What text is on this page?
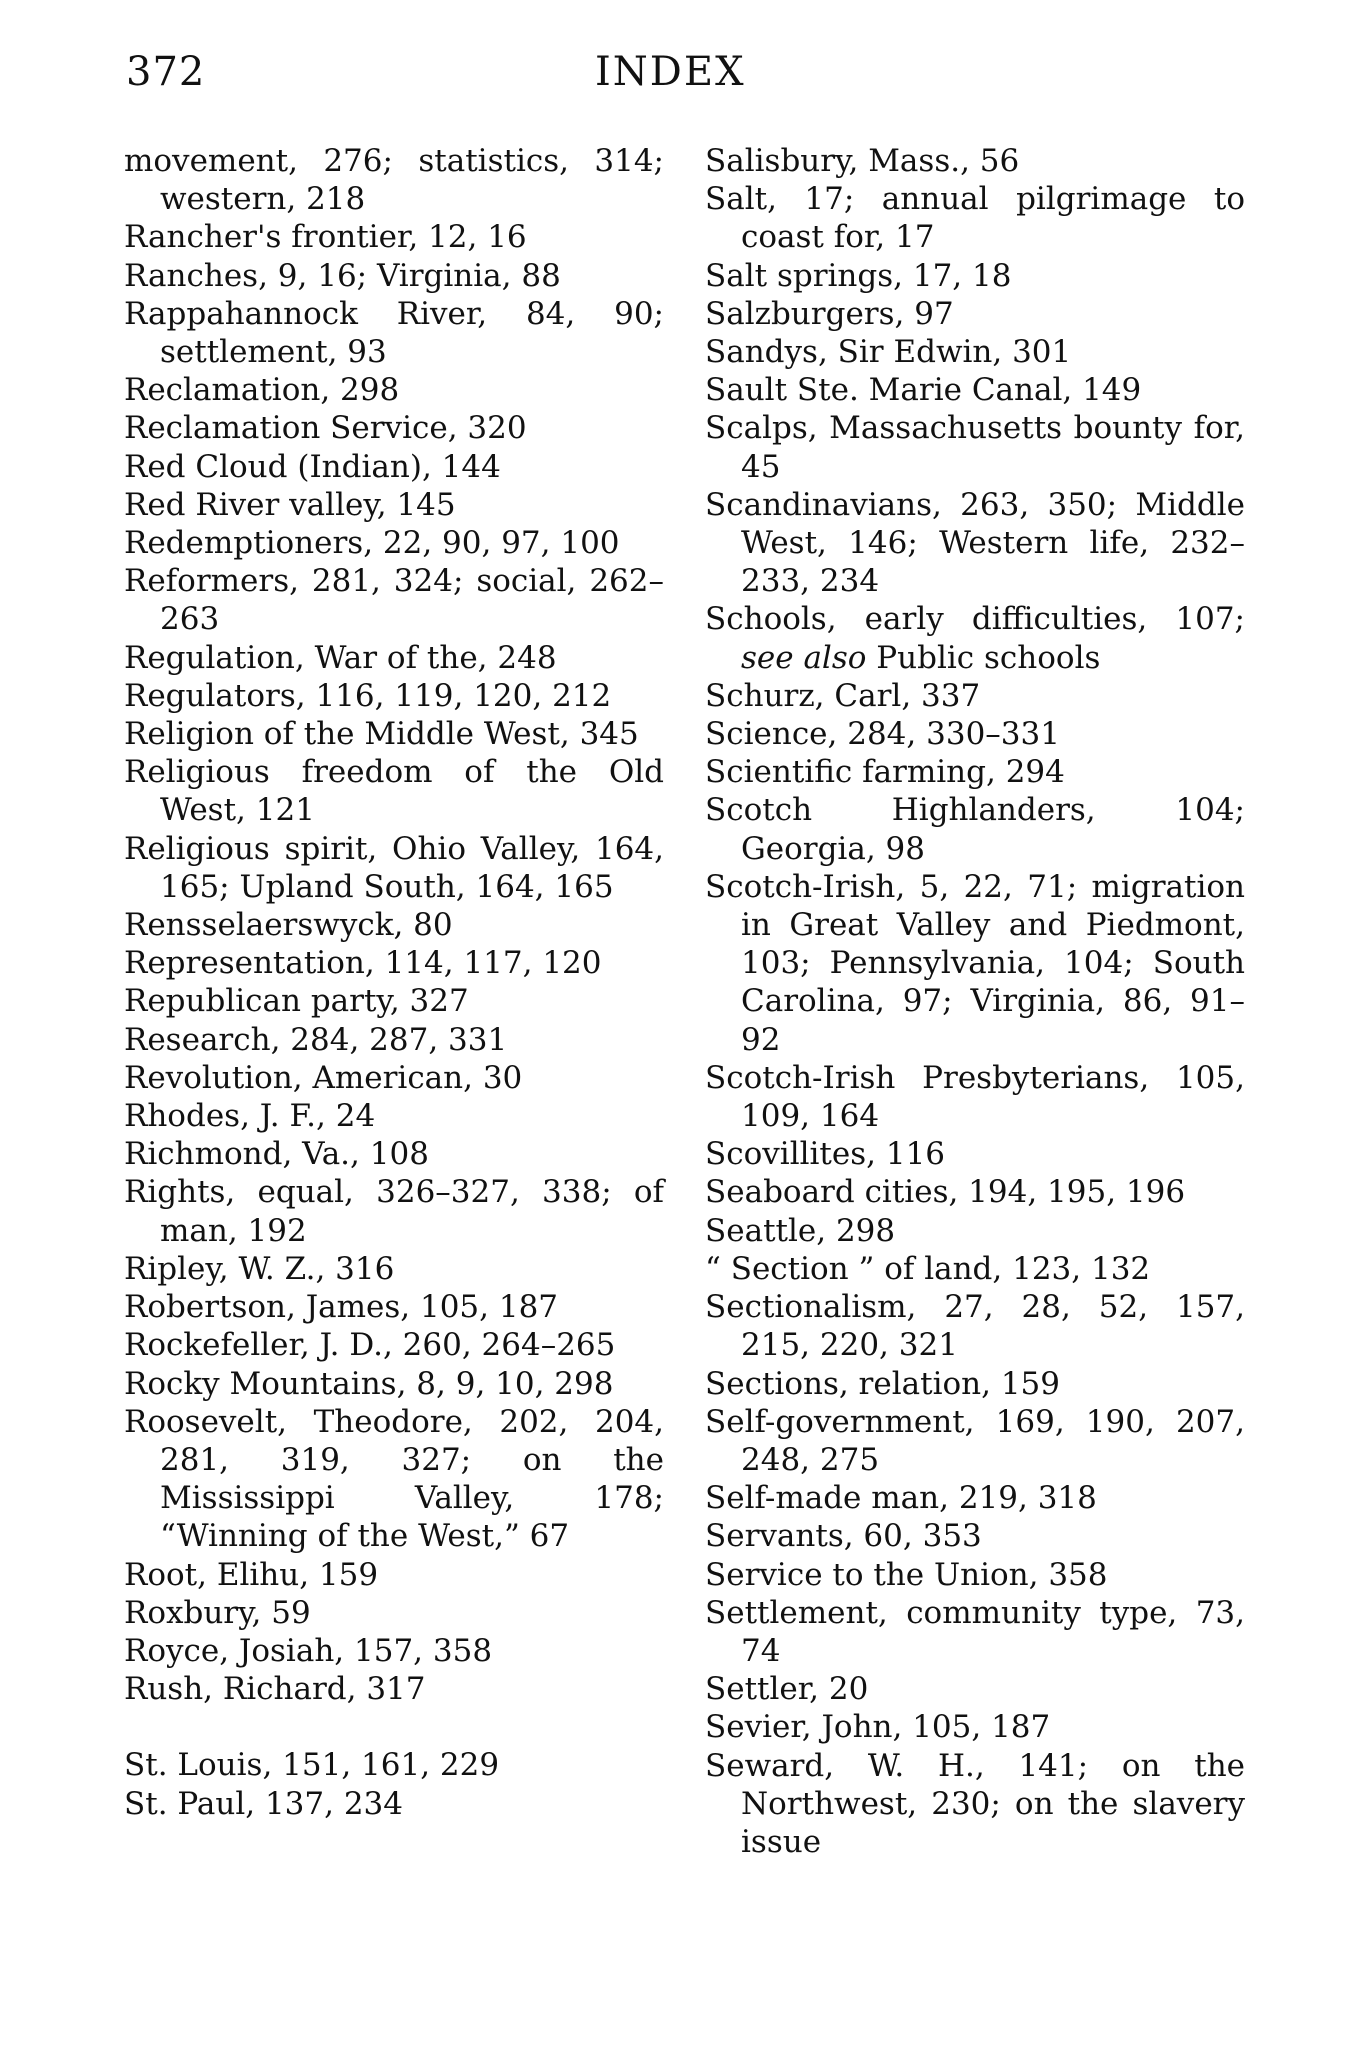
372	INDEX

movement, 276; statistics, 314; western, 218

Rancher's frontier, 12, 16

Ranches, 9, 16; Virginia, 88

Rappahannock River, 84, 90; settlement, 93

Reclamation, 298

Reclamation Service, 320

Red Cloud (Indian), 144

Red River valley, 145

Redemptioners, 22, 90, 97, 100

Reformers, 281, 324; social, 262–263

Regulation, War of the, 248

Regulators, 116, 119, 120, 212

Religion of the Middle West, 345

Religious freedom of the Old West, 121

Religious spirit, Ohio Valley, 164, 165; Upland South, 164, 165

Rensselaerswyck, 80

Representation, 114, 117, 120

Republican party, 327

Research, 284, 287, 331

Revolution, American, 30

Rhodes, J. F., 24

Richmond, Va., 108

Rights, equal, 326–327, 338; of man, 192

Ripley, W. Z., 316

Robertson, James, 105, 187

Rockefeller, J. D., 260, 264–265

Rocky Mountains, 8, 9, 10, 298

Roosevelt, Theodore, 202, 204, 281, 319, 327; on the Mississippi Valley, 178; “Winning of the West,” 67

Root, Elihu, 159

Roxbury, 59

Royce, Josiah, 157, 358

Rush, Richard, 317

St. Louis, 151, 161, 229

St. Paul, 137, 234

Salisbury, Mass., 56

Salt, 17; annual pilgrimage to coast for, 17

Salt springs, 17, 18

Salzburgers, 97

Sandys, Sir Edwin, 301

Sault Ste. Marie Canal, 149

Scalps, Massachusetts bounty for, 45

Scandinavians, 263, 350; Middle West, 146; Western life, 232–233, 234

Schools, early difficulties, 107; see also Public schools

Schurz, Carl, 337

Science, 284, 330–331

Scientific farming, 294

Scotch Highlanders, 104; Georgia, 98

Scotch-Irish, 5, 22, 71; migration in Great Valley and Piedmont, 103; Pennsylvania, 104; South Carolina, 97; Virginia, 86, 91–92

Scotch-Irish Presbyterians, 105, 109, 164

Scovillites, 116

Seaboard cities, 194, 195, 196

Seattle, 298

“ Section ” of land, 123, 132

Sectionalism, 27, 28, 52, 157, 215, 220, 321

Sections, relation, 159

Self-government, 169, 190, 207, 248, 275

Self-made man, 219, 318

Servants, 60, 353

Service to the Union, 358

Settlement, community type, 73, 74

Settler, 20

Sevier, John, 105, 187

Seward, W. H., 141; on the Northwest, 230; on the slavery issue
